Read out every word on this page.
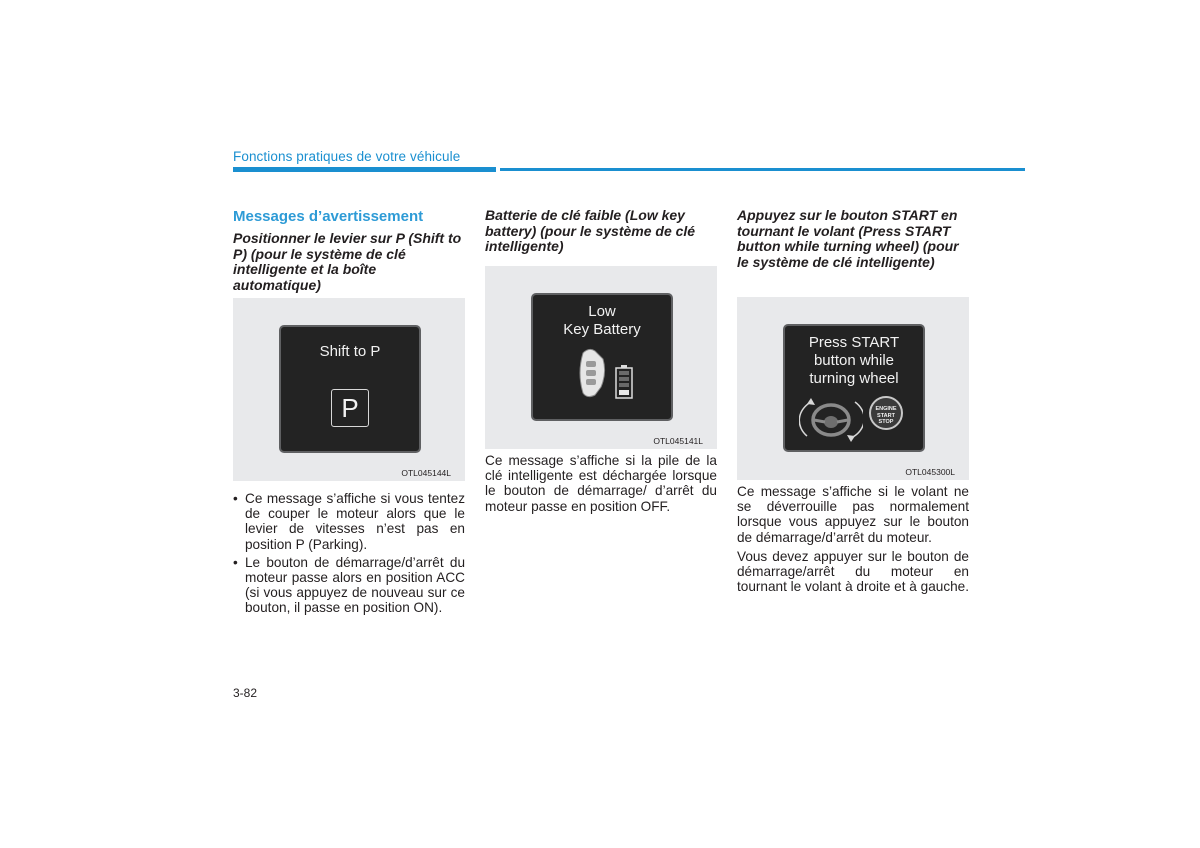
Fonctions pratiques de votre véhicule

Messages d’avertissement

Positionner le levier sur P (Shift to P) (pour le système de clé intelligente et la boîte automatique)

Shift to P
P
OTL045144L
• Ce message s’affiche si vous tentez de couper le moteur alors que le levier de vitesses n’est pas en position P (Parking).
• Le bouton de démarrage/d’arrêt du moteur passe alors en position ACC (si vous appuyez de nouveau sur ce bouton, il passe en position ON).

Batterie de clé faible (Low key battery) (pour le système de clé intelligente)

Low
Key Battery
OTL045141L

Ce message s’affiche si la pile de la clé intelligente est déchargée lorsque le bouton de démarrage/ d’arrêt du moteur passe en position OFF.

Appuyez sur le bouton START en tournant le volant (Press START button while turning wheel) (pour le système de clé intelligente)

Press START
button while
turning wheel
ENGINE
START
STOP
OTL045300L

Ce message s’affiche si le volant ne se déverrouille pas normalement lorsque vous appuyez sur le bouton de démarrage/d’arrêt du moteur.

Vous devez appuyer sur le bouton de démarrage/arrêt du moteur en tournant le volant à droite et à gauche.

3-82
